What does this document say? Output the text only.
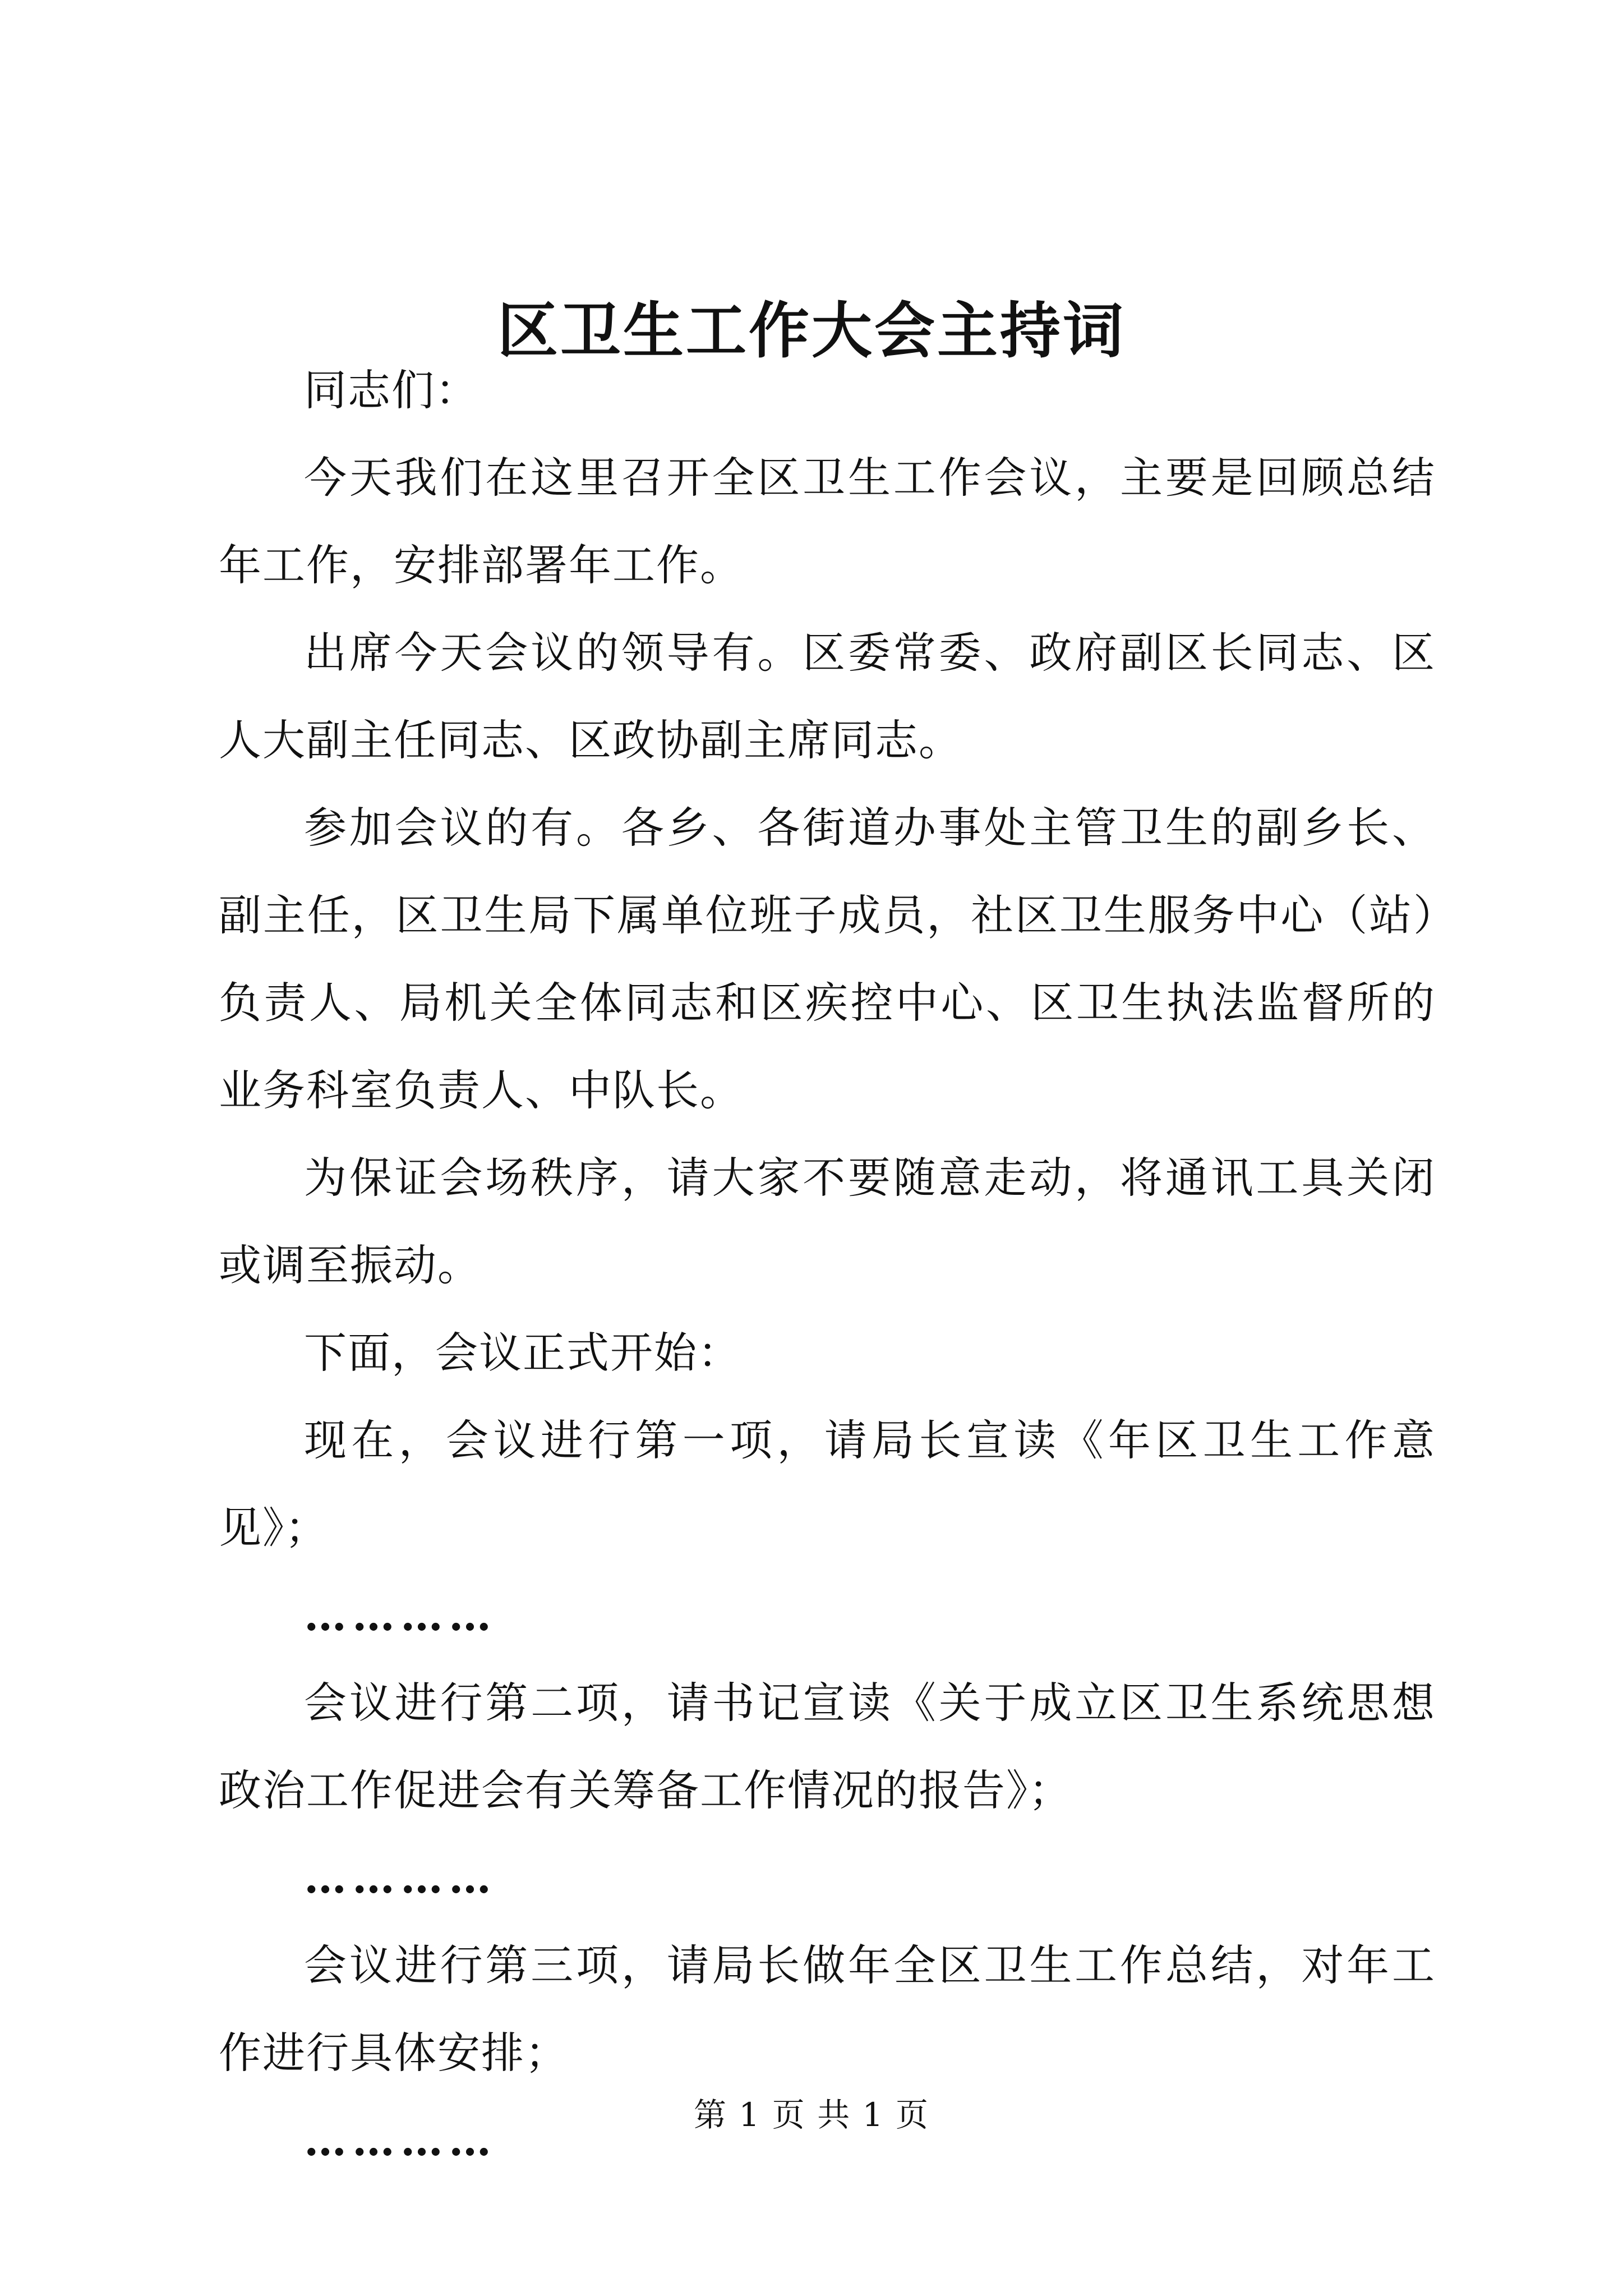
区卫生工作大会主持词

同志们：

今天我们在这里召开全区卫生工作会议，主要是回顾总结年工作，安排部署年工作。

出席今天会议的领导有。区委常委、政府副区长同志、区人大副主任同志、区政协副主席同志。

参加会议的有。各乡、各街道办事处主管卫生的副乡长、副主任，区卫生局下属单位班子成员，社区卫生服务中心（站）负责人、局机关全体同志和区疾控中心、区卫生执法监督所的业务科室负责人、中队长。

为保证会场秩序，请大家不要随意走动，将通讯工具关闭或调至振动。

下面，会议正式开始：

现在，会议进行第一项，请局长宣读《年区卫生工作意见》；

…………

会议进行第二项，请书记宣读《关于成立区卫生系统思想政治工作促进会有关筹备工作情况的报告》；

…………

会议进行第三项，请局长做年全区卫生工作总结，对年工作进行具体安排；

…………

第 1 页 共 1 页
